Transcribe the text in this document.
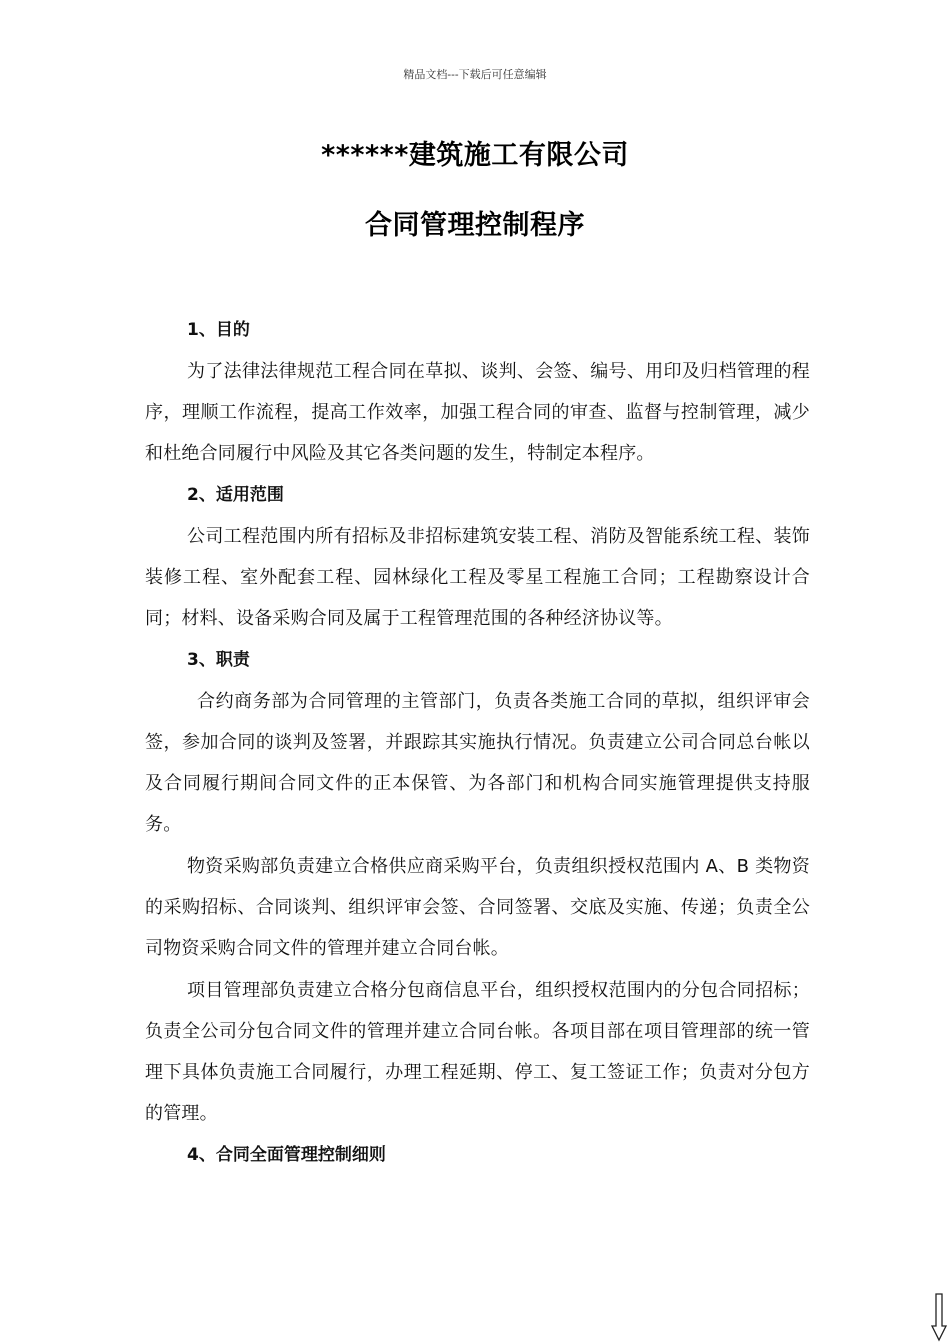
精品文档---下载后可任意编辑
******建筑施工有限公司
合同管理控制程序

1、目的

为了法律法律规范工程合同在草拟、谈判、会签、编号、用印及归档管理的程序，理顺工作流程，提高工作效率，加强工程合同的审查、监督与控制管理，减少和杜绝合同履行中风险及其它各类问题的发生，特制定本程序。

2、适用范围

公司工程范围内所有招标及非招标建筑安装工程、消防及智能系统工程、装饰装修工程、室外配套工程、园林绿化工程及零星工程施工合同；工程勘察设计合同；材料、设备采购合同及属于工程管理范围的各种经济协议等。

3、职责

合约商务部为合同管理的主管部门，负责各类施工合同的草拟，组织评审会签，参加合同的谈判及签署，并跟踪其实施执行情况。负责建立公司合同总台帐以及合同履行期间合同文件的正本保管、为各部门和机构合同实施管理提供支持服务。

物资采购部负责建立合格供应商采购平台，负责组织授权范围内 A、B 类物资的采购招标、合同谈判、组织评审会签、合同签署、交底及实施、传递；负责全公司物资采购合同文件的管理并建立合同台帐。

项目管理部负责建立合格分包商信息平台，组织授权范围内的分包合同招标；负责全公司分包合同文件的管理并建立合同台帐。各项目部在项目管理部的统一管理下具体负责施工合同履行，办理工程延期、停工、复工签证工作；负责对分包方的管理。

4、合同全面管理控制细则
